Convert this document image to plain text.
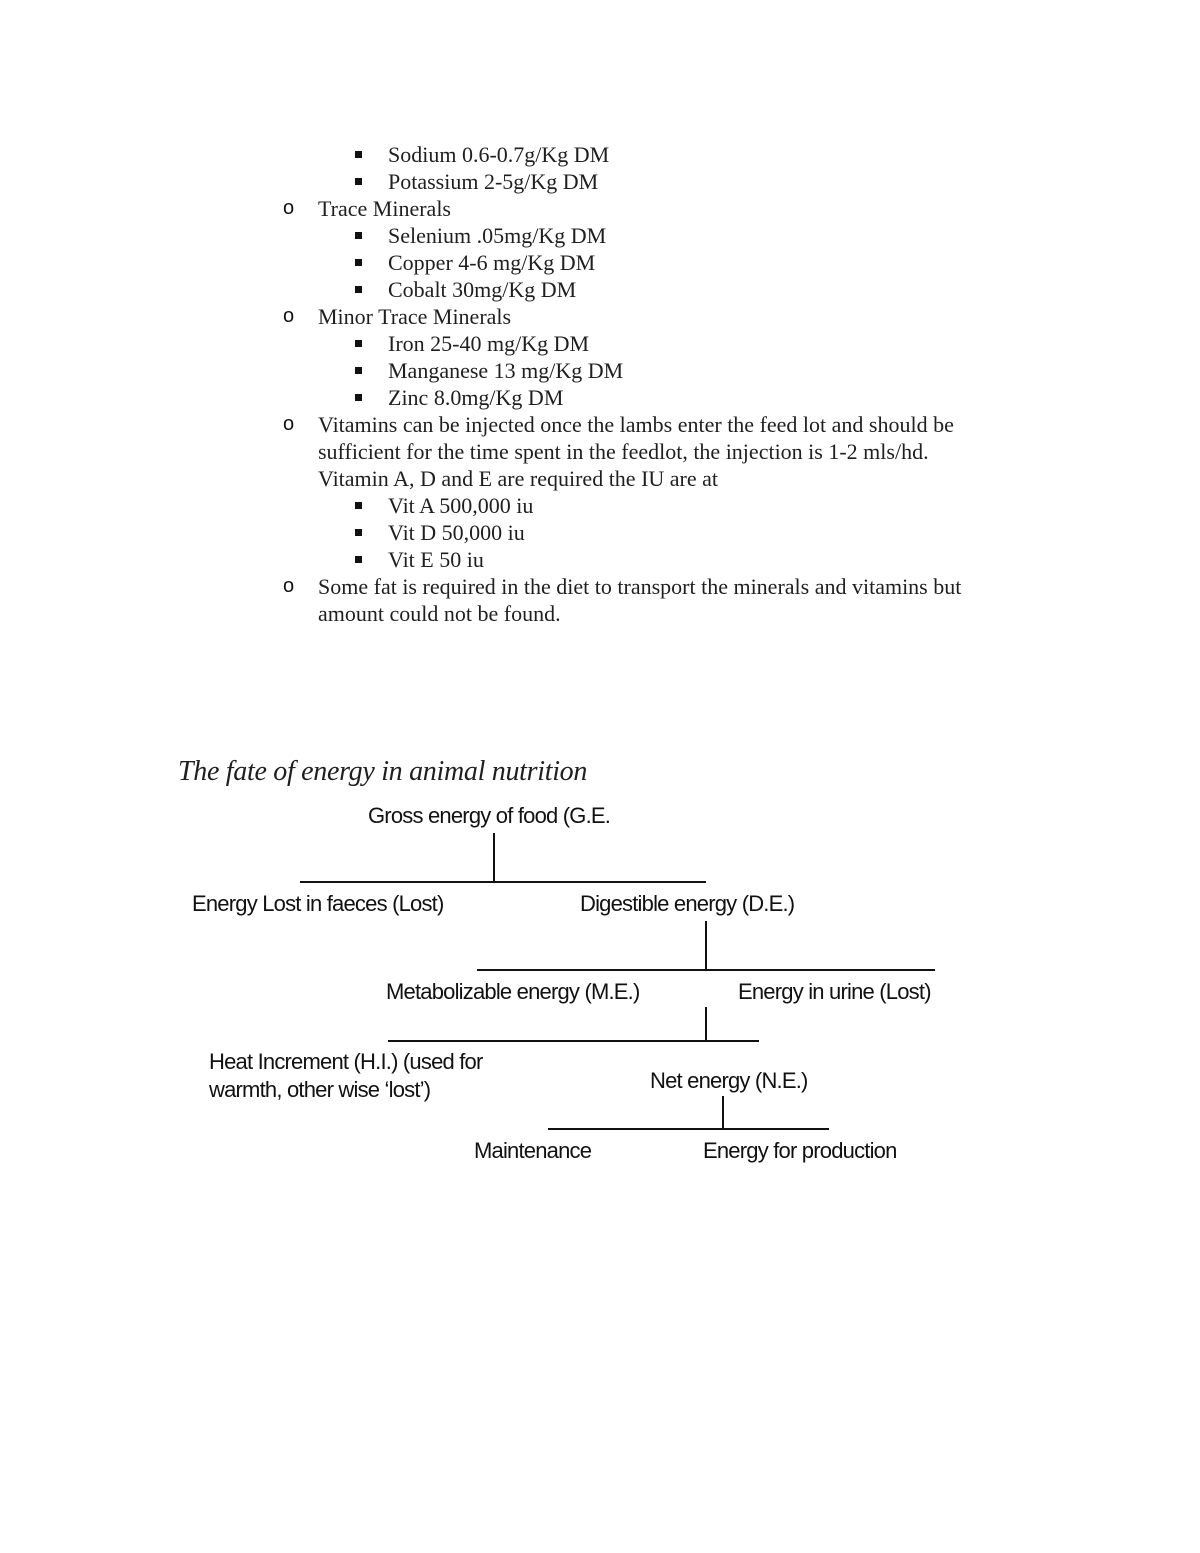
Sodium 0.6-0.7g/Kg DM
Potassium 2-5g/Kg DM
o Trace Minerals
Selenium .05mg/Kg DM
Copper 4-6 mg/Kg DM
Cobalt 30mg/Kg DM
o Minor Trace Minerals
Iron 25-40 mg/Kg DM
Manganese 13 mg/Kg DM
Zinc 8.0mg/Kg DM
o Vitamins can be injected once the lambs enter the feed lot and should be
sufficient for the time spent in the feedlot, the injection is 1-2 mls/hd.
Vitamin A, D and E are required the IU are at
Vit A 500,000 iu
Vit D 50,000 iu
Vit E 50 iu
o Some fat is required in the diet to transport the minerals and vitamins but
amount could not be found.
The fate of energy in animal nutrition
Gross energy of food (G.E.
Energy Lost in faeces (Lost)	Digestible energy (D.E.)
Metabolizable energy (M.E.)	Energy in urine (Lost)
Heat Increment (H.I.) (used for
warmth, other wise ‘lost’)	Net energy (N.E.)
Maintenance	Energy for production
